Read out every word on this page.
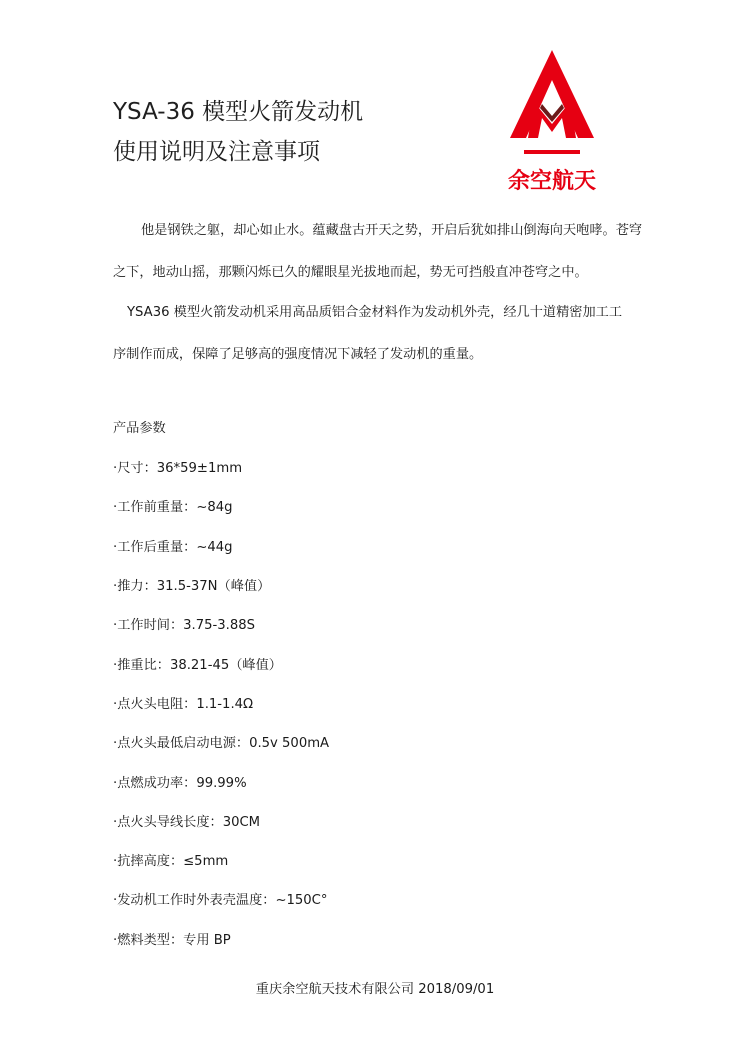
YSA-36 模型火箭发动机
使用说明及注意事项
余空航天
他是钢铁之躯，却心如止水。蕴藏盘古开天之势，开启后犹如排山倒海向天咆哮。苍穹
之下，地动山摇，那颗闪烁已久的耀眼星光拔地而起，势无可挡般直冲苍穹之中。
YSA36 模型火箭发动机采用高品质铝合金材料作为发动机外壳，经几十道精密加工工
序制作而成，保障了足够高的强度情况下减轻了发动机的重量。
产品参数
·尺寸：36*59±1mm
·工作前重量：~84g
·工作后重量：~44g
·推力：31.5-37N（峰值）
·工作时间：3.75-3.88S
·推重比：38.21-45（峰值）
·点火头电阻：1.1-1.4Ω
·点火头最低启动电源：0.5v 500mA
·点燃成功率：99.99%
·点火头导线长度：30CM
·抗摔高度：≤5mm
·发动机工作时外表壳温度：~150C°
·燃料类型：专用 BP
重庆余空航天技术有限公司 2018/09/01
